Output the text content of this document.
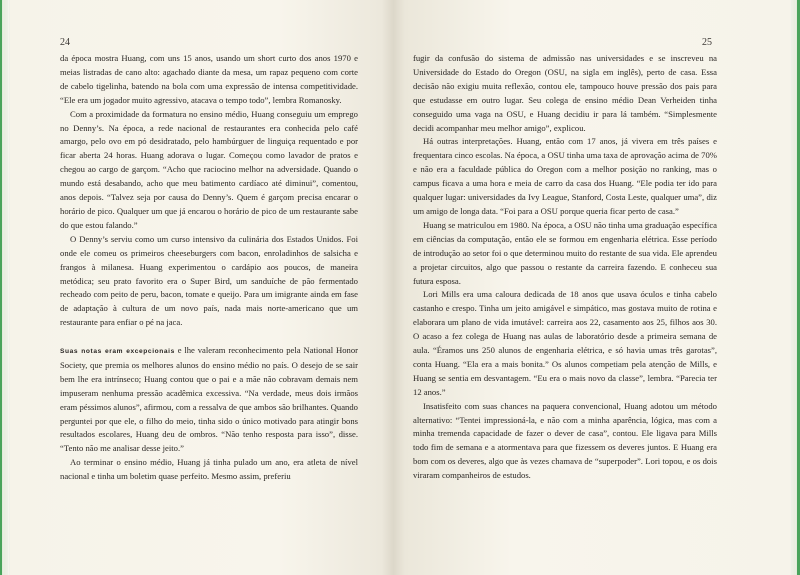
24

da época mostra Huang, com uns 15 anos, usando um short curto dos anos 1970 e meias listradas de cano alto: agachado diante da mesa, um rapaz pequeno com corte de cabelo tigelinha, batendo na bola com uma expressão de intensa competitividade. “Ele era um jogador muito agressivo, atacava o tempo todo”, lembra Romanosky.

Com a proximidade da formatura no ensino médio, Huang conseguiu um emprego no Denny’s. Na época, a rede nacional de restaurantes era conhecida pelo café amargo, pelo ovo em pó desidratado, pelo hambúrguer de linguiça requentado e por ficar aberta 24 horas. Huang adorava o lugar. Começou como lavador de pratos e chegou ao cargo de garçom. “Acho que raciocino melhor na adversidade. Quando o mundo está desabando, acho que meu batimento cardíaco até diminui”, comentou, anos depois. “Talvez seja por causa do Denny’s. Quem é garçom precisa encarar o horário de pico. Qualquer um que já encarou o horário de pico de um restaurante sabe do que estou falando.”

O Denny’s serviu como um curso intensivo da culinária dos Estados Unidos. Foi onde ele comeu os primeiros cheeseburgers com bacon, enroladinhos de salsicha e frangos à milanesa. Huang experimentou o cardápio aos poucos, de maneira metódica; seu prato favorito era o Super Bird, um sanduíche de pão fermentado recheado com peito de peru, bacon, tomate e queijo. Para um imigrante ainda em fase de adaptação à cultura de um novo país, nada mais norte-americano que um restaurante para enfiar o pé na jaca.

Suas notas eram excepcionais e lhe valeram reconhecimento pela National Honor Society, que premia os melhores alunos do ensino médio no país. O desejo de se sair bem lhe era intrínseco; Huang contou que o pai e a mãe não cobravam demais nem impuseram nenhuma pressão acadêmica excessiva. “Na verdade, meus dois irmãos eram péssimos alunos”, afirmou, com a ressalva de que ambos são brilhantes. Quando perguntei por que ele, o filho do meio, tinha sido o único motivado para atingir bons resultados escolares, Huang deu de ombros. “Não tenho resposta para isso”, disse. “Tento não me analisar desse jeito.”

Ao terminar o ensino médio, Huang já tinha pulado um ano, era atleta de nível nacional e tinha um boletim quase perfeito. Mesmo assim, preferiu

25

fugir da confusão do sistema de admissão nas universidades e se inscreveu na Universidade do Estado do Oregon (OSU, na sigla em inglês), perto de casa. Essa decisão não exigiu muita reflexão, contou ele, tampouco houve pressão dos pais para que estudasse em outro lugar. Seu colega de ensino médio Dean Verheiden tinha conseguido uma vaga na OSU, e Huang decidiu ir para lá também. “Simplesmente decidi acompanhar meu melhor amigo”, explicou.

Há outras interpretações. Huang, então com 17 anos, já vivera em três países e frequentara cinco escolas. Na época, a OSU tinha uma taxa de aprovação acima de 70% e não era a faculdade pública do Oregon com a melhor posição no ranking, mas o campus ficava a uma hora e meia de carro da casa dos Huang. “Ele podia ter ido para qualquer lugar: universidades da Ivy League, Stanford, Costa Leste, qualquer uma”, diz um amigo de longa data. “Foi para a OSU porque queria ficar perto de casa.”

Huang se matriculou em 1980. Na época, a OSU não tinha uma graduação específica em ciências da computação, então ele se formou em engenharia elétrica. Esse período de introdução ao setor foi o que determinou muito do restante de sua vida. Ele aprendeu a projetar circuitos, algo que passou o restante da carreira fazendo. E conheceu sua futura esposa.

Lori Mills era uma caloura dedicada de 18 anos que usava óculos e tinha cabelo castanho e crespo. Tinha um jeito amigável e simpático, mas gostava muito de rotina e elaborara um plano de vida imutável: carreira aos 22, casamento aos 25, filhos aos 30. O acaso a fez colega de Huang nas aulas de laboratório desde a primeira semana de aula. “Éramos uns 250 alunos de engenharia elétrica, e só havia umas três garotas”, conta Huang. “Ela era a mais bonita.” Os alunos competiam pela atenção de Mills, e Huang se sentia em desvantagem. “Eu era o mais novo da classe”, lembra. “Parecia ter 12 anos.”

Insatisfeito com suas chances na paquera convencional, Huang adotou um método alternativo: “Tentei impressioná-la, e não com a minha aparência, lógica, mas com a minha tremenda capacidade de fazer o dever de casa”, contou. Ele ligava para Mills todo fim de semana e a atormentava para que fizessem os deveres juntos. E Huang era bom com os deveres, algo que às vezes chamava de “superpoder”. Lori topou, e os dois viraram companheiros de estudos.
